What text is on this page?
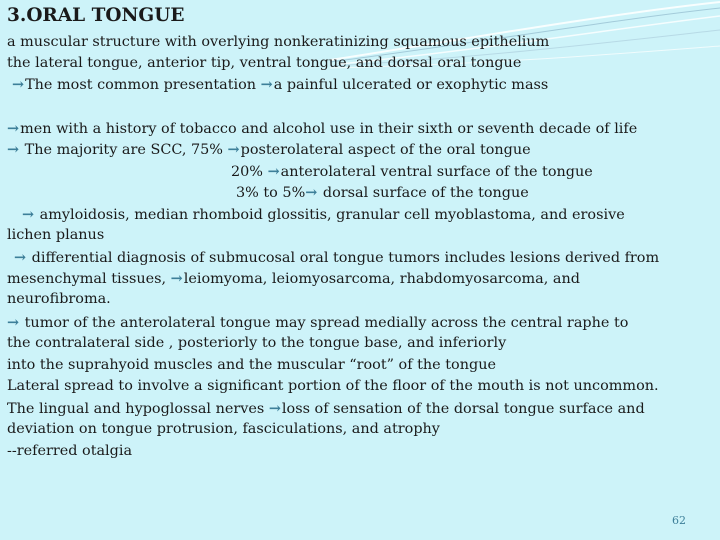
3.ORAL TONGUE
a muscular structure with overlying nonkeratinizing squamous epithelium
the lateral tongue, anterior tip, ventral tongue, and dorsal oral tongue
→The most common presentation →a painful ulcerated or exophytic mass
→men with a history of tobacco and alcohol use in their sixth or seventh decade of life
→ The majority are SCC, 75% →posterolateral aspect of the oral tongue
20% →anterolateral ventral surface of the tongue
3% to 5%→ dorsal surface of the tongue
→ amyloidosis, median rhomboid glossitis, granular cell myoblastoma, and erosive
lichen planus
→ differential diagnosis of submucosal oral tongue tumors includes lesions derived from
mesenchymal tissues, →leiomyoma, leiomyosarcoma, rhabdomyosarcoma, and
neurofibroma.
→ tumor of the anterolateral tongue may spread medially across the central raphe to
the contralateral side , posteriorly to the tongue base, and inferiorly
into the suprahyoid muscles and the muscular “root” of the tongue
Lateral spread to involve a significant portion of the floor of the mouth is not uncommon.
The lingual and hypoglossal nerves →loss of sensation of the dorsal tongue surface and
deviation on tongue protrusion, fasciculations, and atrophy
--referred otalgia
62
